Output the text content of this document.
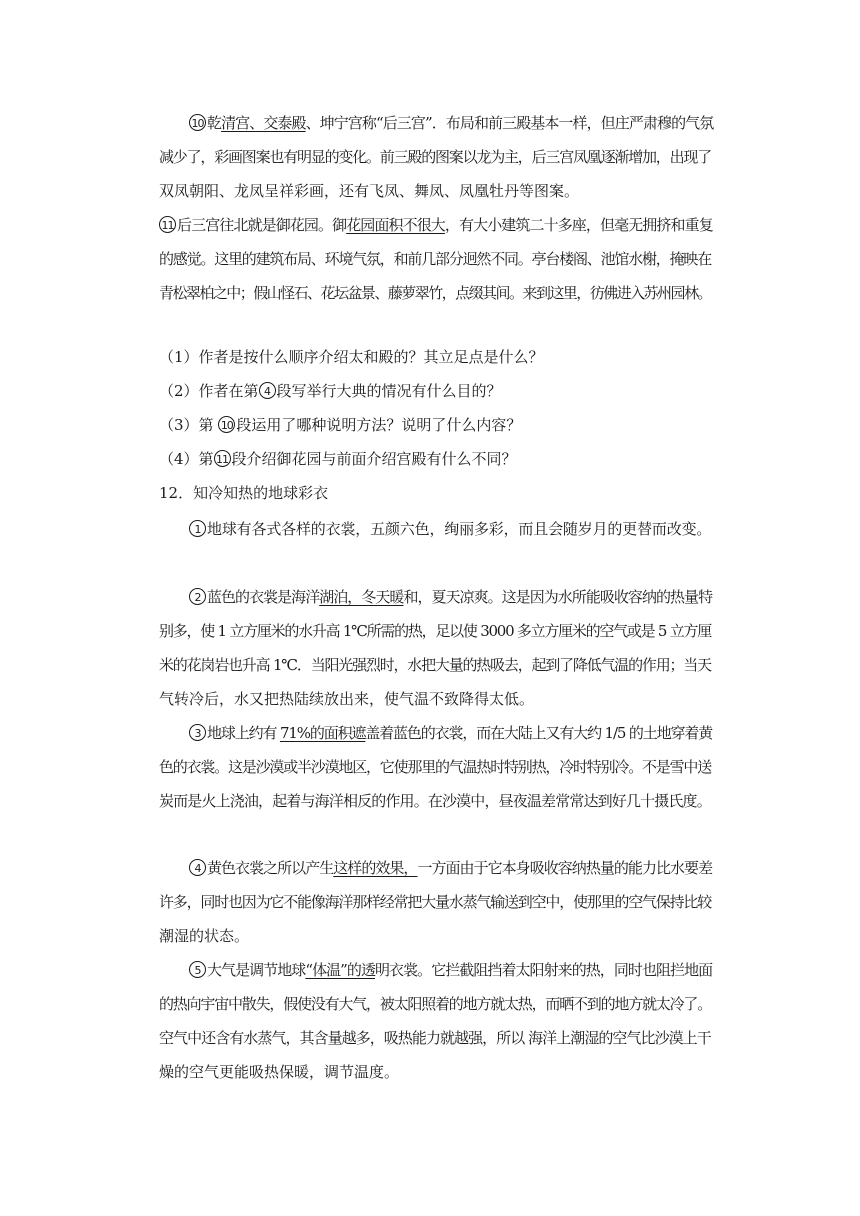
10 乾清宫、交泰殿、坤宁宫称“后三宫”．布局和前三殿基本一样，但庄严肃穆的气氛
减少了，彩画图案也有明显的变化。前三殿的图案以龙为主，后三宫凤凰逐渐增加，出现了
双凤朝阳、龙凤呈祥彩画，还有飞凤、舞凤、凤凰牡丹等图案。
11 后三宫往北就是御花园。御花园面积不很大，有大小建筑二十多座，但毫无拥挤和重复
的感觉。这里的建筑布局、环境气氛，和前几部分迥然不同。亭台楼阁、池馆水榭，掩映在
青松翠柏之中；假山怪石、花坛盆景、藤萝翠竹，点缀其间。来到这里，彷佛进入苏州园林。
（1）作者是按什么顺序介绍太和殿的？其立足点是什么？
（2）作者在第 4 段写举行大典的情况有什么目的？
（3）第 10 段运用了哪种说明方法？说明了什么内容？
（4）第 11 段介绍御花园与前面介绍宫殿有什么不同？
12．知冷知热的地球彩衣
1 地球有各式各样的衣裳，五颜六色，绚丽多彩，而且会随岁月的更替而改变。
2 蓝色的衣裳是海洋湖泊，冬天暖和，夏天凉爽。这是因为水所能吸收容纳的热量特
别多，使 1 立方厘米的水升高 1℃所需的热，足以使 3000 多立方厘米的空气或是 5 立方厘
米的花岗岩也升高 1℃．当阳光强烈时，水把大量的热吸去，起到了降低气温的作用；当天
气转冷后，水又把热陆续放出来，使气温不致降得太低。
3 地球上约有 71%的面积遮盖着蓝色的衣裳，而在大陆上又有大约 1/5 的土地穿着黄
色的衣裳。这是沙漠或半沙漠地区，它使那里的气温热时特别热，冷时特别冷。不是雪中送
炭而是火上浇油，起着与海洋相反的作用。在沙漠中，昼夜温差常常达到好几十摄氏度。
4 黄色衣裳之所以产生这样的效果，一方面由于它本身吸收容纳热量的能力比水要差
许多，同时也因为它不能像海洋那样经常把大量水蒸气输送到空中，使那里的空气保持比较
潮湿的状态。
5 大气是调节地球“体温”的透明衣裳。它拦截阻挡着太阳射来的热，同时也阻拦地面
的热向宇宙中散失，假使没有大气，被太阳照着的地方就太热，而晒不到的地方就太冷了。
空气中还含有水蒸气，其含量越多，吸热能力就越强，所以 海洋上潮湿的空气比沙漠上干
燥的空气更能吸热保暖，调节温度。
